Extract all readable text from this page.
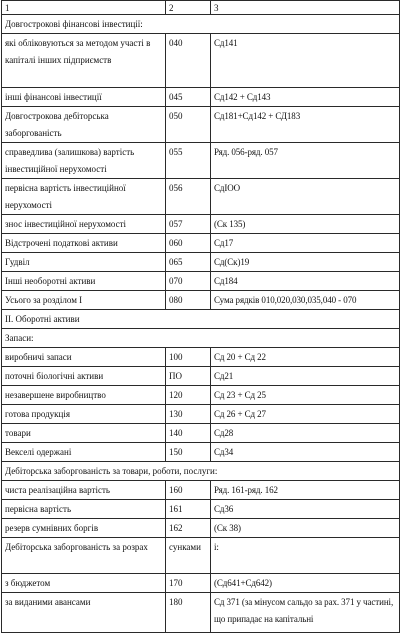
1	2	3
Довгострокові фінансові інвестиції:		
які обліковуються за методом участі в капіталі інших підприємств	040	Сд141
інші фінансові інвестиції	045	Сд142 + Сд143
Довгострокова дебіторська заборгованість	050	Сд181+Сд142 + СД183
справедлива (залишкова) вартість інвестиційної нерухомості	055	Ряд. 056-ряд. 057
первісна вартість інвестиційної нерухомості	056	СдIOO
знос інвестиційної нерухомості	057	(Ск 135)
Відстрочені податкові активи	060	Сд17
Гудвіл	065	Сд(Ск)19
Інші необоротні активи	070	Сд184
Усього за розділом І	080	Сума рядків 010,020,030,035,040 - 070
II. Оборотні активи		
Запаси:		
виробничі запаси	100	Сд 20 + Сд 22
поточні біологічні активи	ПО	Сд21
незавершене виробництво	120	Сд 23 + Сд 25
готова продукція	130	Сд 26 + Сд 27
товари	140	Сд28
Векселі одержані	150	Сд34
Дебіторська заборгованість за товари, роботи, послуги:		
чиста реалізаційна вартість	160	Ряд. 161-ряд. 162
первісна вартість	161	Сд36
резерв сумнівних боргів	162	(Ск 38)
Дебіторська заборгованість за розрах	сунками	і:
з бюджетом	170	(Сд641+Сд642)
за виданими авансами	180	Сд 371 (за мінусом сальдо за рах. 371 у частині, що припадає на капітальні
